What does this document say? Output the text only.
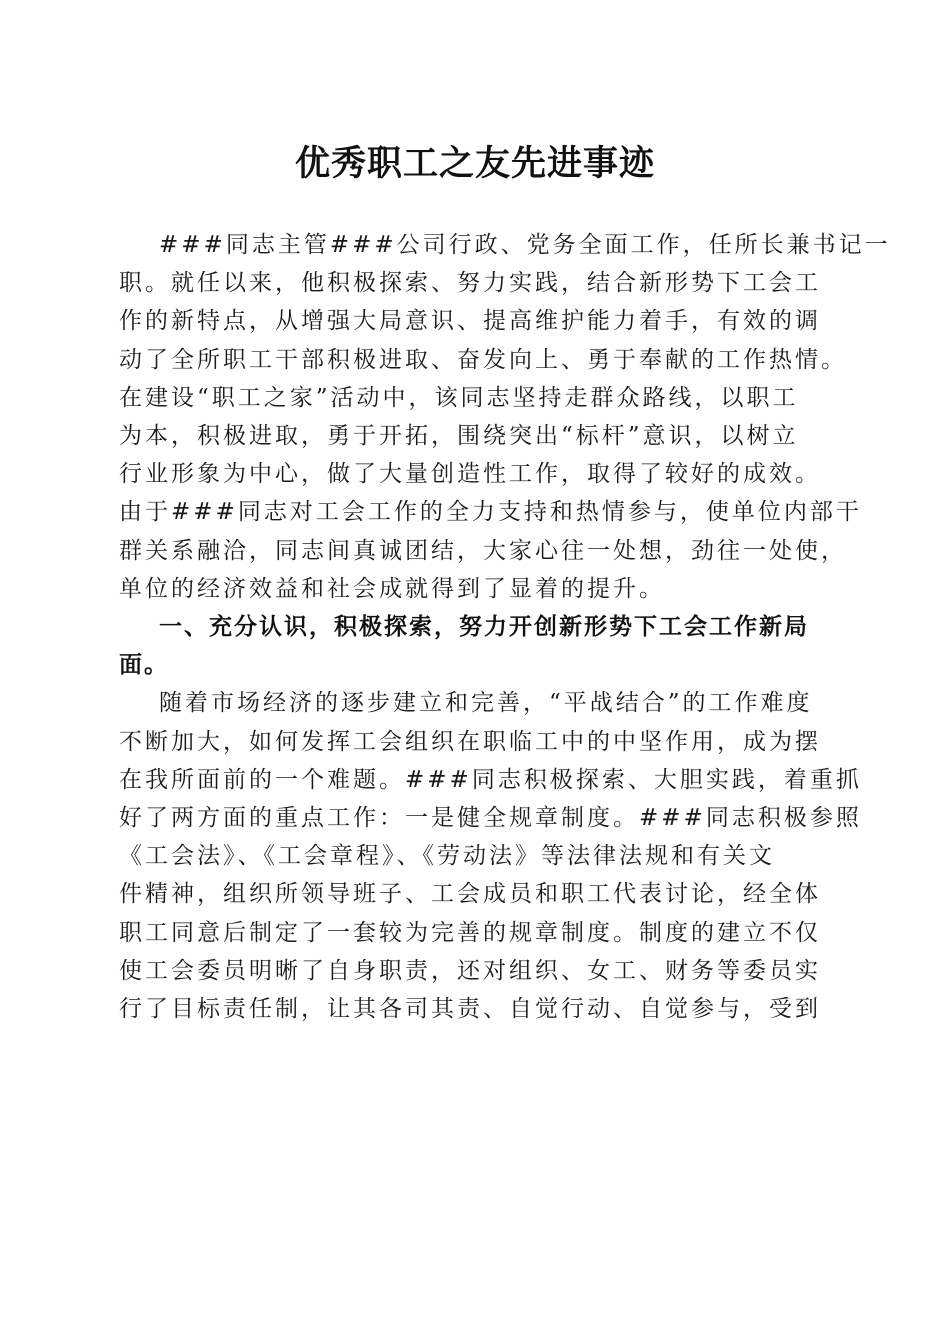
优秀职工之友先进事迹
###同志主管###公司行政、党务全面工作，任所长兼书记一
职。就任以来，他积极探索、努力实践，结合新形势下工会工
作的新特点，从增强大局意识、提高维护能力着手，有效的调
动了全所职工干部积极进取、奋发向上、勇于奉献的工作热情。
在建设“职工之家”活动中，该同志坚持走群众路线，以职工
为本，积极进取，勇于开拓，围绕突出“标杆”意识，以树立
行业形象为中心，做了大量创造性工作，取得了较好的成效。
由于###同志对工会工作的全力支持和热情参与，使单位内部干
群关系融洽，同志间真诚团结，大家心往一处想，劲往一处使，
单位的经济效益和社会成就得到了显着的提升。
一、充分认识，积极探索，努力开创新形势下工会工作新局
面。
随着市场经济的逐步建立和完善，“平战结合”的工作难度
不断加大，如何发挥工会组织在职临工中的中坚作用，成为摆
在我所面前的一个难题。###同志积极探索、大胆实践，着重抓
好了两方面的重点工作：一是健全规章制度。###同志积极参照
《工会法》、《工会章程》、《劳动法》等法律法规和有关文
件精神，组织所领导班子、工会成员和职工代表讨论，经全体
职工同意后制定了一套较为完善的规章制度。制度的建立不仅
使工会委员明晰了自身职责，还对组织、女工、财务等委员实
行了目标责任制，让其各司其责、自觉行动、自觉参与，受到
